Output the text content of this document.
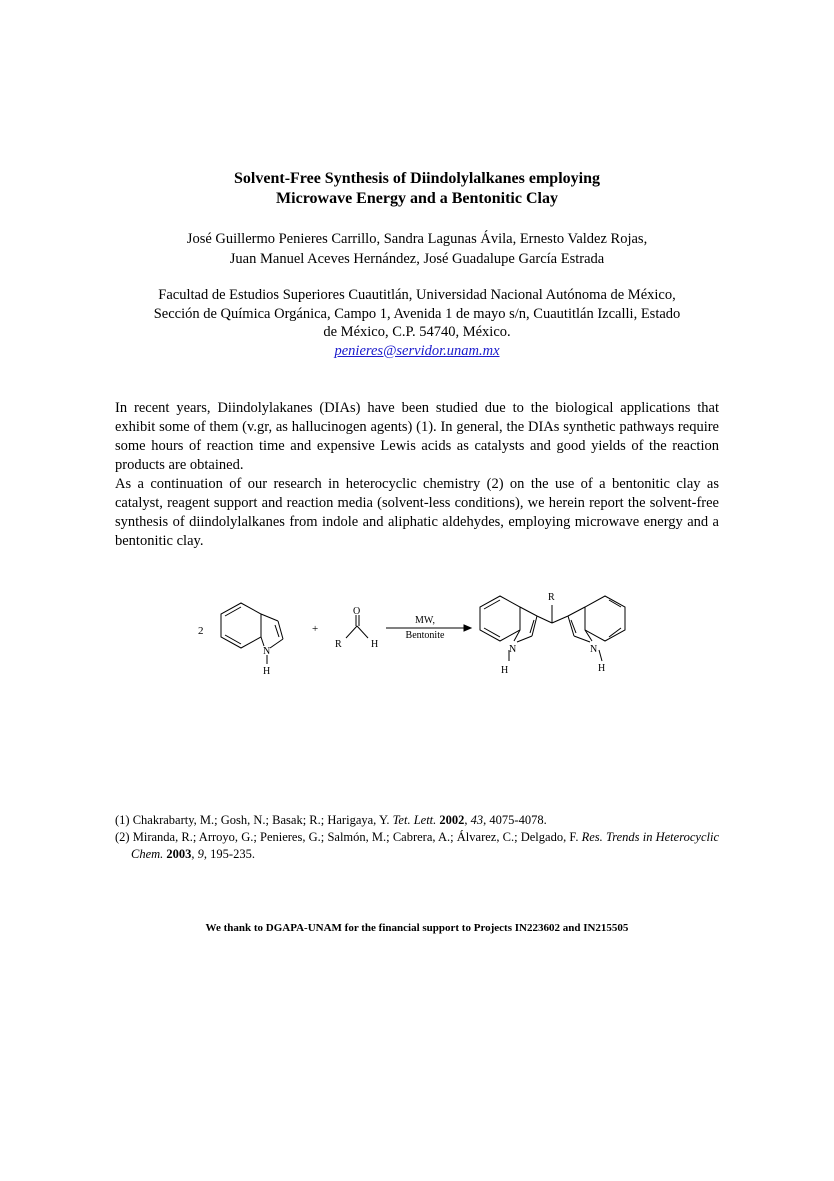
Solvent-Free Synthesis of Diindolylalkanes employing
Microwave Energy and a Bentonitic Clay
José Guillermo Penieres Carrillo, Sandra Lagunas Ávila, Ernesto Valdez Rojas,
Juan Manuel Aceves Hernández, José Guadalupe García Estrada
Facultad de Estudios Superiores Cuautitlán, Universidad Nacional Autónoma de México,
Sección de Química Orgánica, Campo 1, Avenida 1 de mayo s/n, Cuautitlán Izcalli, Estado
de México, C.P. 54740, México.
penieres@servidor.unam.mx

In recent years, Diindolylakanes (DIAs) have been studied due to the biological applications that exhibit some of them (v.gr, as hallucinogen agents) (1). In general, the DIAs synthetic pathways require some hours of reaction time and expensive Lewis acids as catalysts and good yields of the reaction products are obtained.

As a continuation of our research in heterocyclic chemistry (2) on the use of a bentonitic clay as catalyst, reagent support and reaction media (solvent-less conditions), we herein report the solvent-free synthesis of diindolylalkanes from indole and aliphatic aldehydes, employing microwave energy and a bentonitic clay.

2
N
H
+
O
R	H
MW,
Bentonite
R
N
H
N
H
(1) Chakrabarty, M.; Gosh, N.; Basak; R.; Harigaya, Y. Tet. Lett. 2002, 43, 4075-4078.
(2) Miranda, R.; Arroyo, G.; Penieres, G.; Salmón, M.; Cabrera, A.; Álvarez, C.; Delgado, F. Res. Trends in Heterocyclic Chem. 2003, 9, 195-235.
We thank to DGAPA-UNAM for the financial support to Projects IN223602 and IN215505
